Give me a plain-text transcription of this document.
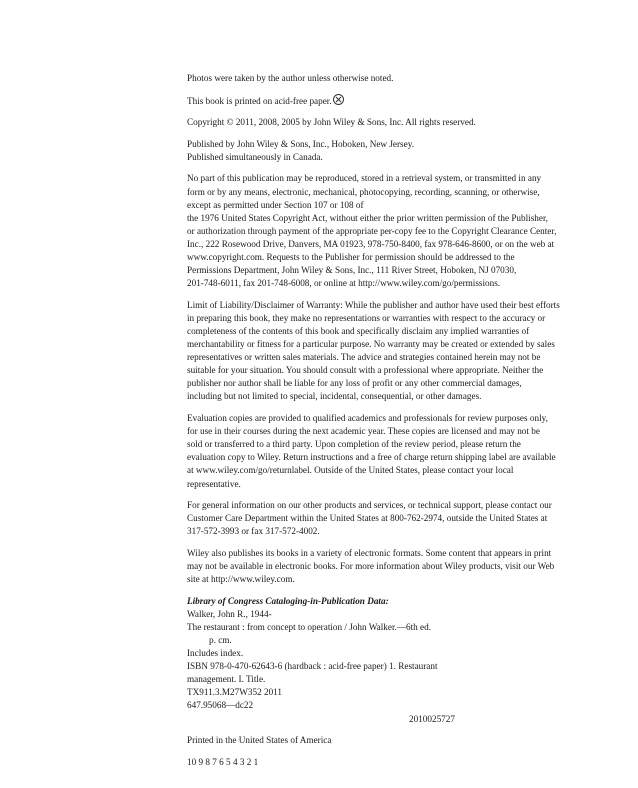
Photos were taken by the author unless otherwise noted.

This book is printed on acid-free paper.

Copyright © 2011, 2008, 2005 by John Wiley & Sons, Inc. All rights reserved.

Published by John Wiley & Sons, Inc., Hoboken, New Jersey.
Published simultaneously in Canada.
No part of this publication may be reproduced, stored in a retrieval system, or transmitted in any
form or by any means, electronic, mechanical, photocopying, recording, scanning, or otherwise,
except as permitted under Section 107 or 108 of
the 1976 United States Copyright Act, without either the prior written permission of the Publisher,
or authorization through payment of the appropriate per-copy fee to the Copyright Clearance Center,
Inc., 222 Rosewood Drive, Danvers, MA 01923, 978-750-8400, fax 978-646-8600, or on the web at
www.copyright.com. Requests to the Publisher for permission should be addressed to the
Permissions Department, John Wiley & Sons, Inc., 111 River Street, Hoboken, NJ 07030,
201-748-6011, fax 201-748-6008, or online at http://www.wiley.com/go/permissions.
Limit of Liability/Disclaimer of Warranty: While the publisher and author have used their best efforts
in preparing this book, they make no representations or warranties with respect to the accuracy or
completeness of the contents of this book and specifically disclaim any implied warranties of
merchantability or fitness for a particular purpose. No warranty may be created or extended by sales
representatives or written sales materials. The advice and strategies contained herein may not be
suitable for your situation. You should consult with a professional where appropriate. Neither the
publisher nor author shall be liable for any loss of profit or any other commercial damages,
including but not limited to special, incidental, consequential, or other damages.
Evaluation copies are provided to qualified academics and professionals for review purposes only,
for use in their courses during the next academic year. These copies are licensed and may not be
sold or transferred to a third party. Upon completion of the review period, please return the
evaluation copy to Wiley. Return instructions and a free of charge return shipping label are available
at www.wiley.com/go/returnlabel. Outside of the United States, please contact your local
representative.
For general information on our other products and services, or technical support, please contact our
Customer Care Department within the United States at 800-762-2974, outside the United States at
317-572-3993 or fax 317-572-4002.
Wiley also publishes its books in a variety of electronic formats. Some content that appears in print
may not be available in electronic books. For more information about Wiley products, visit our Web
site at http://www.wiley.com.
Library of Congress Cataloging-in-Publication Data:
Walker, John R., 1944-
The restaurant : from concept to operation / John Walker.—6th ed.
p. cm.
Includes index.
ISBN 978-0-470-62643-6 (hardback : acid-free paper) 1. Restaurant
management. I. Title.
TX911.3.M27W352 2011
647.95068—dc22
2010025727

Printed in the United States of America

10 9 8 7 6 5 4 3 2 1
